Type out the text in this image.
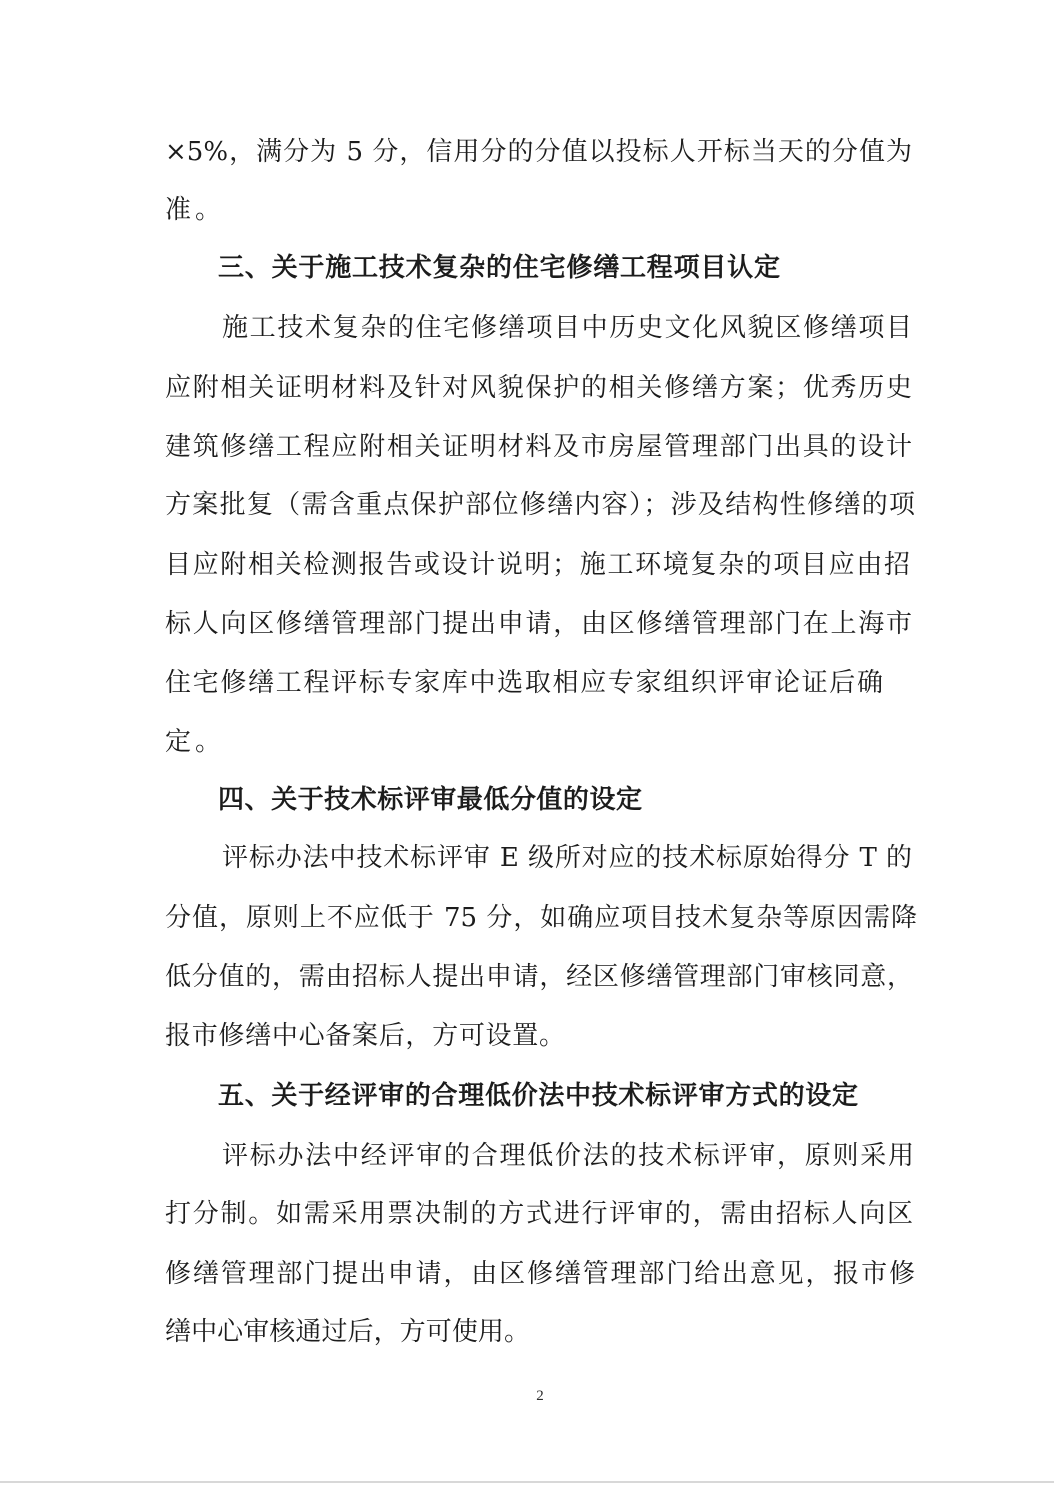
×5%，满分为 5 分，信用分的分值以投标人开标当天的分值为
准。
三、关于施工技术复杂的住宅修缮工程项目认定
施工技术复杂的住宅修缮项目中历史文化风貌区修缮项目
应附相关证明材料及针对风貌保护的相关修缮方案；优秀历史
建筑修缮工程应附相关证明材料及市房屋管理部门出具的设计
方案批复（需含重点保护部位修缮内容）；涉及结构性修缮的项
目应附相关检测报告或设计说明；施工环境复杂的项目应由招
标人向区修缮管理部门提出申请，由区修缮管理部门在上海市
住宅修缮工程评标专家库中选取相应专家组织评审论证后确
定。
四、关于技术标评审最低分值的设定
评标办法中技术标评审 E 级所对应的技术标原始得分 T 的
分值，原则上不应低于 75 分，如确应项目技术复杂等原因需降
低分值的，需由招标人提出申请，经区修缮管理部门审核同意，
报市修缮中心备案后，方可设置。
五、关于经评审的合理低价法中技术标评审方式的设定
评标办法中经评审的合理低价法的技术标评审，原则采用
打分制。如需采用票决制的方式进行评审的，需由招标人向区
修缮管理部门提出申请，由区修缮管理部门给出意见，报市修
缮中心审核通过后，方可使用。
2
